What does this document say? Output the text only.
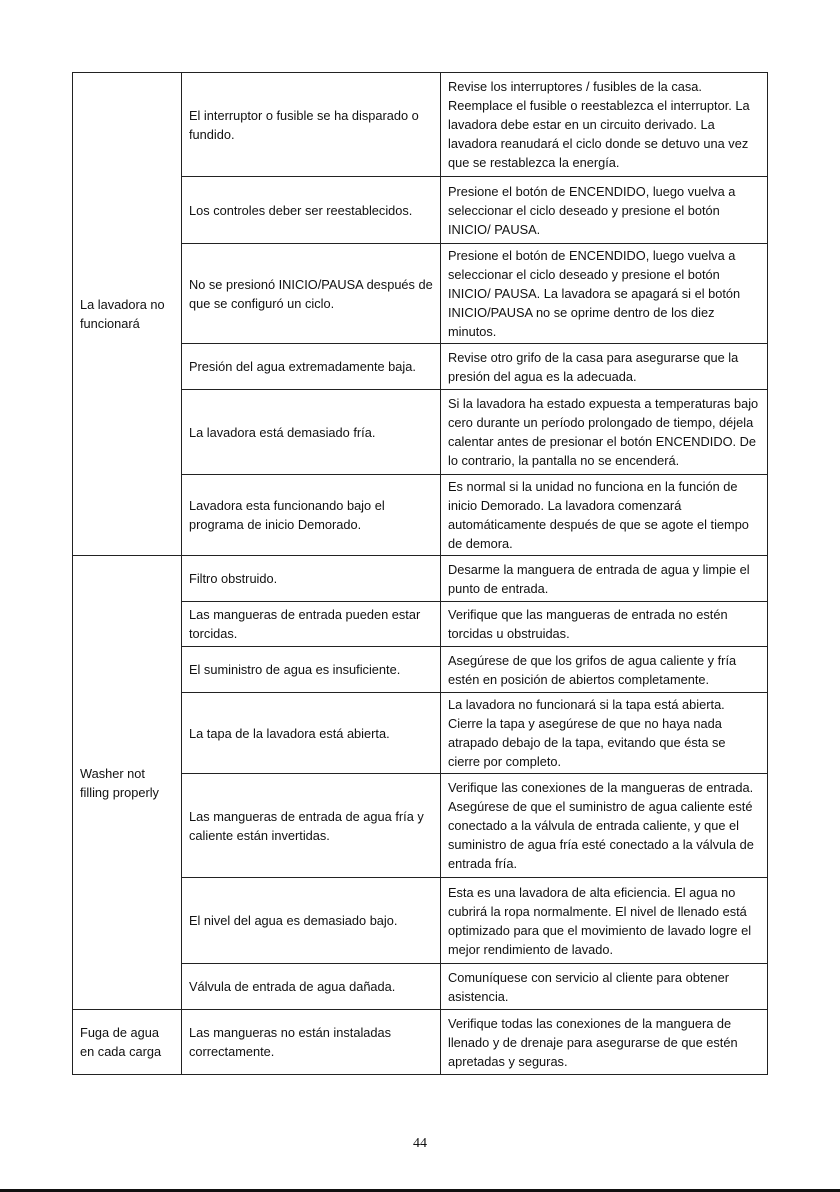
La lavadora no funcionará	El interruptor o fusible se ha disparado o fundido.	Revise los interruptores / fusibles de la casa. Reemplace el fusible o reestablezca el interruptor. La lavadora debe estar en un circuito derivado. La lavadora reanudará el ciclo donde se detuvo una vez que se restablezca la energía.
	Los controles deber ser reestablecidos.	Presione el botón de ENCENDIDO, luego vuelva a seleccionar el ciclo deseado y presione el botón INICIO/ PAUSA.
	No se presionó INICIO/PAUSA después de que se configuró un ciclo.	Presione el botón de ENCENDIDO, luego vuelva a seleccionar el ciclo deseado y presione el botón INICIO/ PAUSA. La lavadora se apagará si el botón INICIO/PAUSA no se oprime dentro de los diez minutos.
	Presión del agua extremadamente baja.	Revise otro grifo de la casa para asegurarse que la presión del agua es la adecuada.
	La lavadora está demasiado fría.	Si la lavadora ha estado expuesta a temperaturas bajo cero durante un período prolongado de tiempo, déjela calentar antes de presionar el botón ENCENDIDO. De lo contrario, la pantalla no se encenderá.
	Lavadora esta funcionando bajo el programa de inicio Demorado.	Es normal si la unidad no funciona en la función de inicio Demorado. La lavadora comenzará automáticamente después de que se agote el tiempo de demora.
Washer not filling properly	Filtro obstruido.	Desarme la manguera de entrada de agua y limpie el punto de entrada.
	Las mangueras de entrada pueden estar torcidas.	Verifique que las mangueras de entrada no estén torcidas u obstruidas.
	El suministro de agua es insuficiente.	Asegúrese de que los grifos de agua caliente y fría estén en posición de abiertos completamente.
	La tapa de la lavadora está abierta.	La lavadora no funcionará si la tapa está abierta. Cierre la tapa y asegúrese de que no haya nada atrapado debajo de la tapa, evitando que ésta se cierre por completo.
	Las mangueras de entrada de agua fría y caliente están invertidas.	Verifique las conexiones de la mangueras de entrada. Asegúrese de que el suministro de agua caliente esté conectado a la válvula de entrada caliente, y que el suministro de agua fría esté conectado a la válvula de entrada fría.
	El nivel del agua es demasiado bajo.	Esta es una lavadora de alta eficiencia. El agua no cubrirá la ropa normalmente. El nivel de llenado está optimizado para que el movimiento de lavado logre el mejor rendimiento de lavado.
	Válvula de entrada de agua dañada.	Comuníquese con servicio al cliente para obtener asistencia.
Fuga de agua en cada carga	Las mangueras no están instaladas correctamente.	Verifique todas las conexiones de la manguera de llenado y de drenaje para asegurarse de que estén apretadas y seguras.
44
